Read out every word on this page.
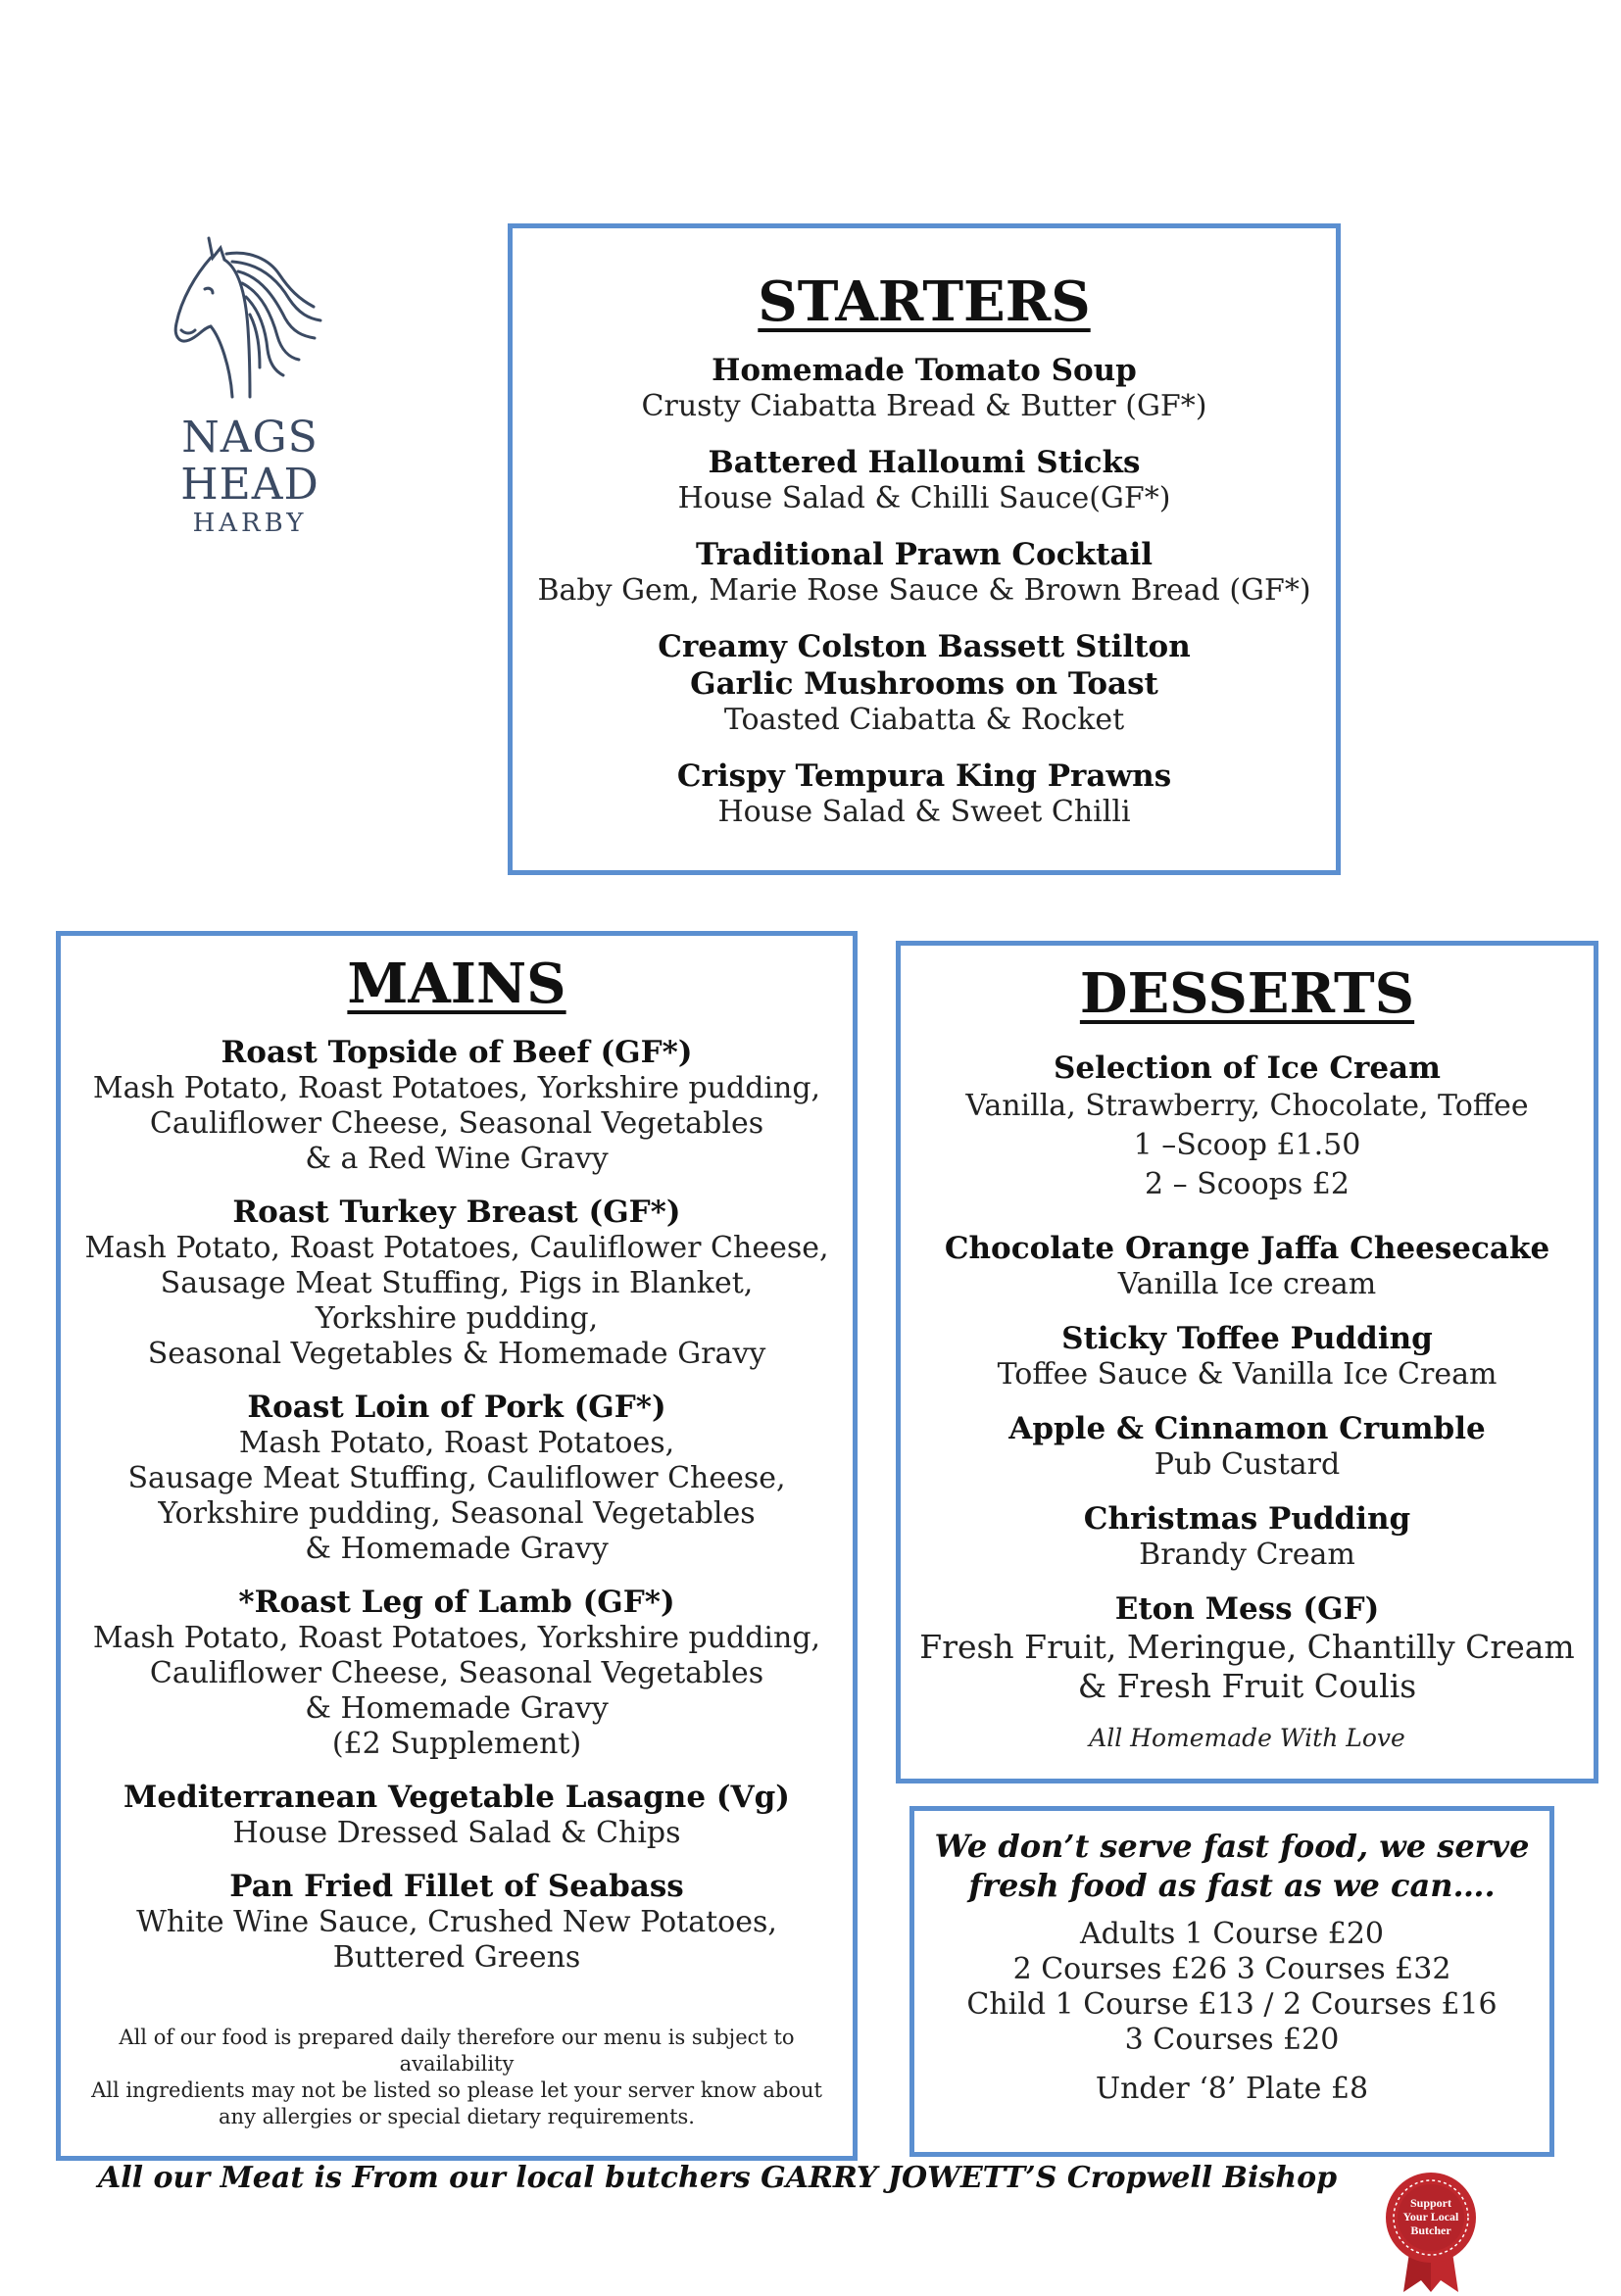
NAGS HEAD
HARBY
STARTERS
Homemade Tomato Soup
Crusty Ciabatta Bread & Butter (GF*)
Battered Halloumi Sticks
House Salad & Chilli Sauce(GF*)
Traditional Prawn Cocktail
Baby Gem, Marie Rose Sauce & Brown Bread (GF*)
Creamy Colston Bassett Stilton
Garlic Mushrooms on Toast
Toasted Ciabatta & Rocket
Crispy Tempura King Prawns
House Salad & Sweet Chilli
MAINS
Roast Topside of Beef (GF*)
Mash Potato, Roast Potatoes, Yorkshire pudding,
Cauliflower Cheese, Seasonal Vegetables
& a Red Wine Gravy
Roast Turkey Breast (GF*)
Mash Potato, Roast Potatoes, Cauliflower Cheese,
Sausage Meat Stuffing, Pigs in Blanket,
Yorkshire pudding,
Seasonal Vegetables & Homemade Gravy
Roast Loin of Pork (GF*)
Mash Potato, Roast Potatoes,
Sausage Meat Stuffing, Cauliflower Cheese,
Yorkshire pudding, Seasonal Vegetables
& Homemade Gravy
*Roast Leg of Lamb (GF*)
Mash Potato, Roast Potatoes, Yorkshire pudding,
Cauliflower Cheese, Seasonal Vegetables
& Homemade Gravy
(£2 Supplement)
Mediterranean Vegetable Lasagne (Vg)
House Dressed Salad & Chips
Pan Fried Fillet of Seabass
White Wine Sauce, Crushed New Potatoes,
Buttered Greens
All of our food is prepared daily therefore our menu is subject to
availability
All ingredients may not be listed so please let your server know about
any allergies or special dietary requirements.
DESSERTS
Selection of Ice Cream
Vanilla, Strawberry, Chocolate, Toffee
1 –Scoop £1.50
2 – Scoops £2
Chocolate Orange Jaffa Cheesecake
Vanilla Ice cream
Sticky Toffee Pudding
Toffee Sauce & Vanilla Ice Cream
Apple & Cinnamon Crumble
Pub Custard
Christmas Pudding
Brandy Cream
Eton Mess (GF)
Fresh Fruit, Meringue, Chantilly Cream
& Fresh Fruit Coulis
All Homemade With Love
We don’t serve fast food, we serve
fresh food as fast as we can….
Adults 1 Course £20
2 Courses £26 3 Courses £32
Child 1 Course £13 / 2 Courses £16
3 Courses £20
Under ‘8’ Plate £8
All our Meat is From our local butchers GARRY JOWETT’S Cropwell Bishop
Support
Your Local
Butcher
